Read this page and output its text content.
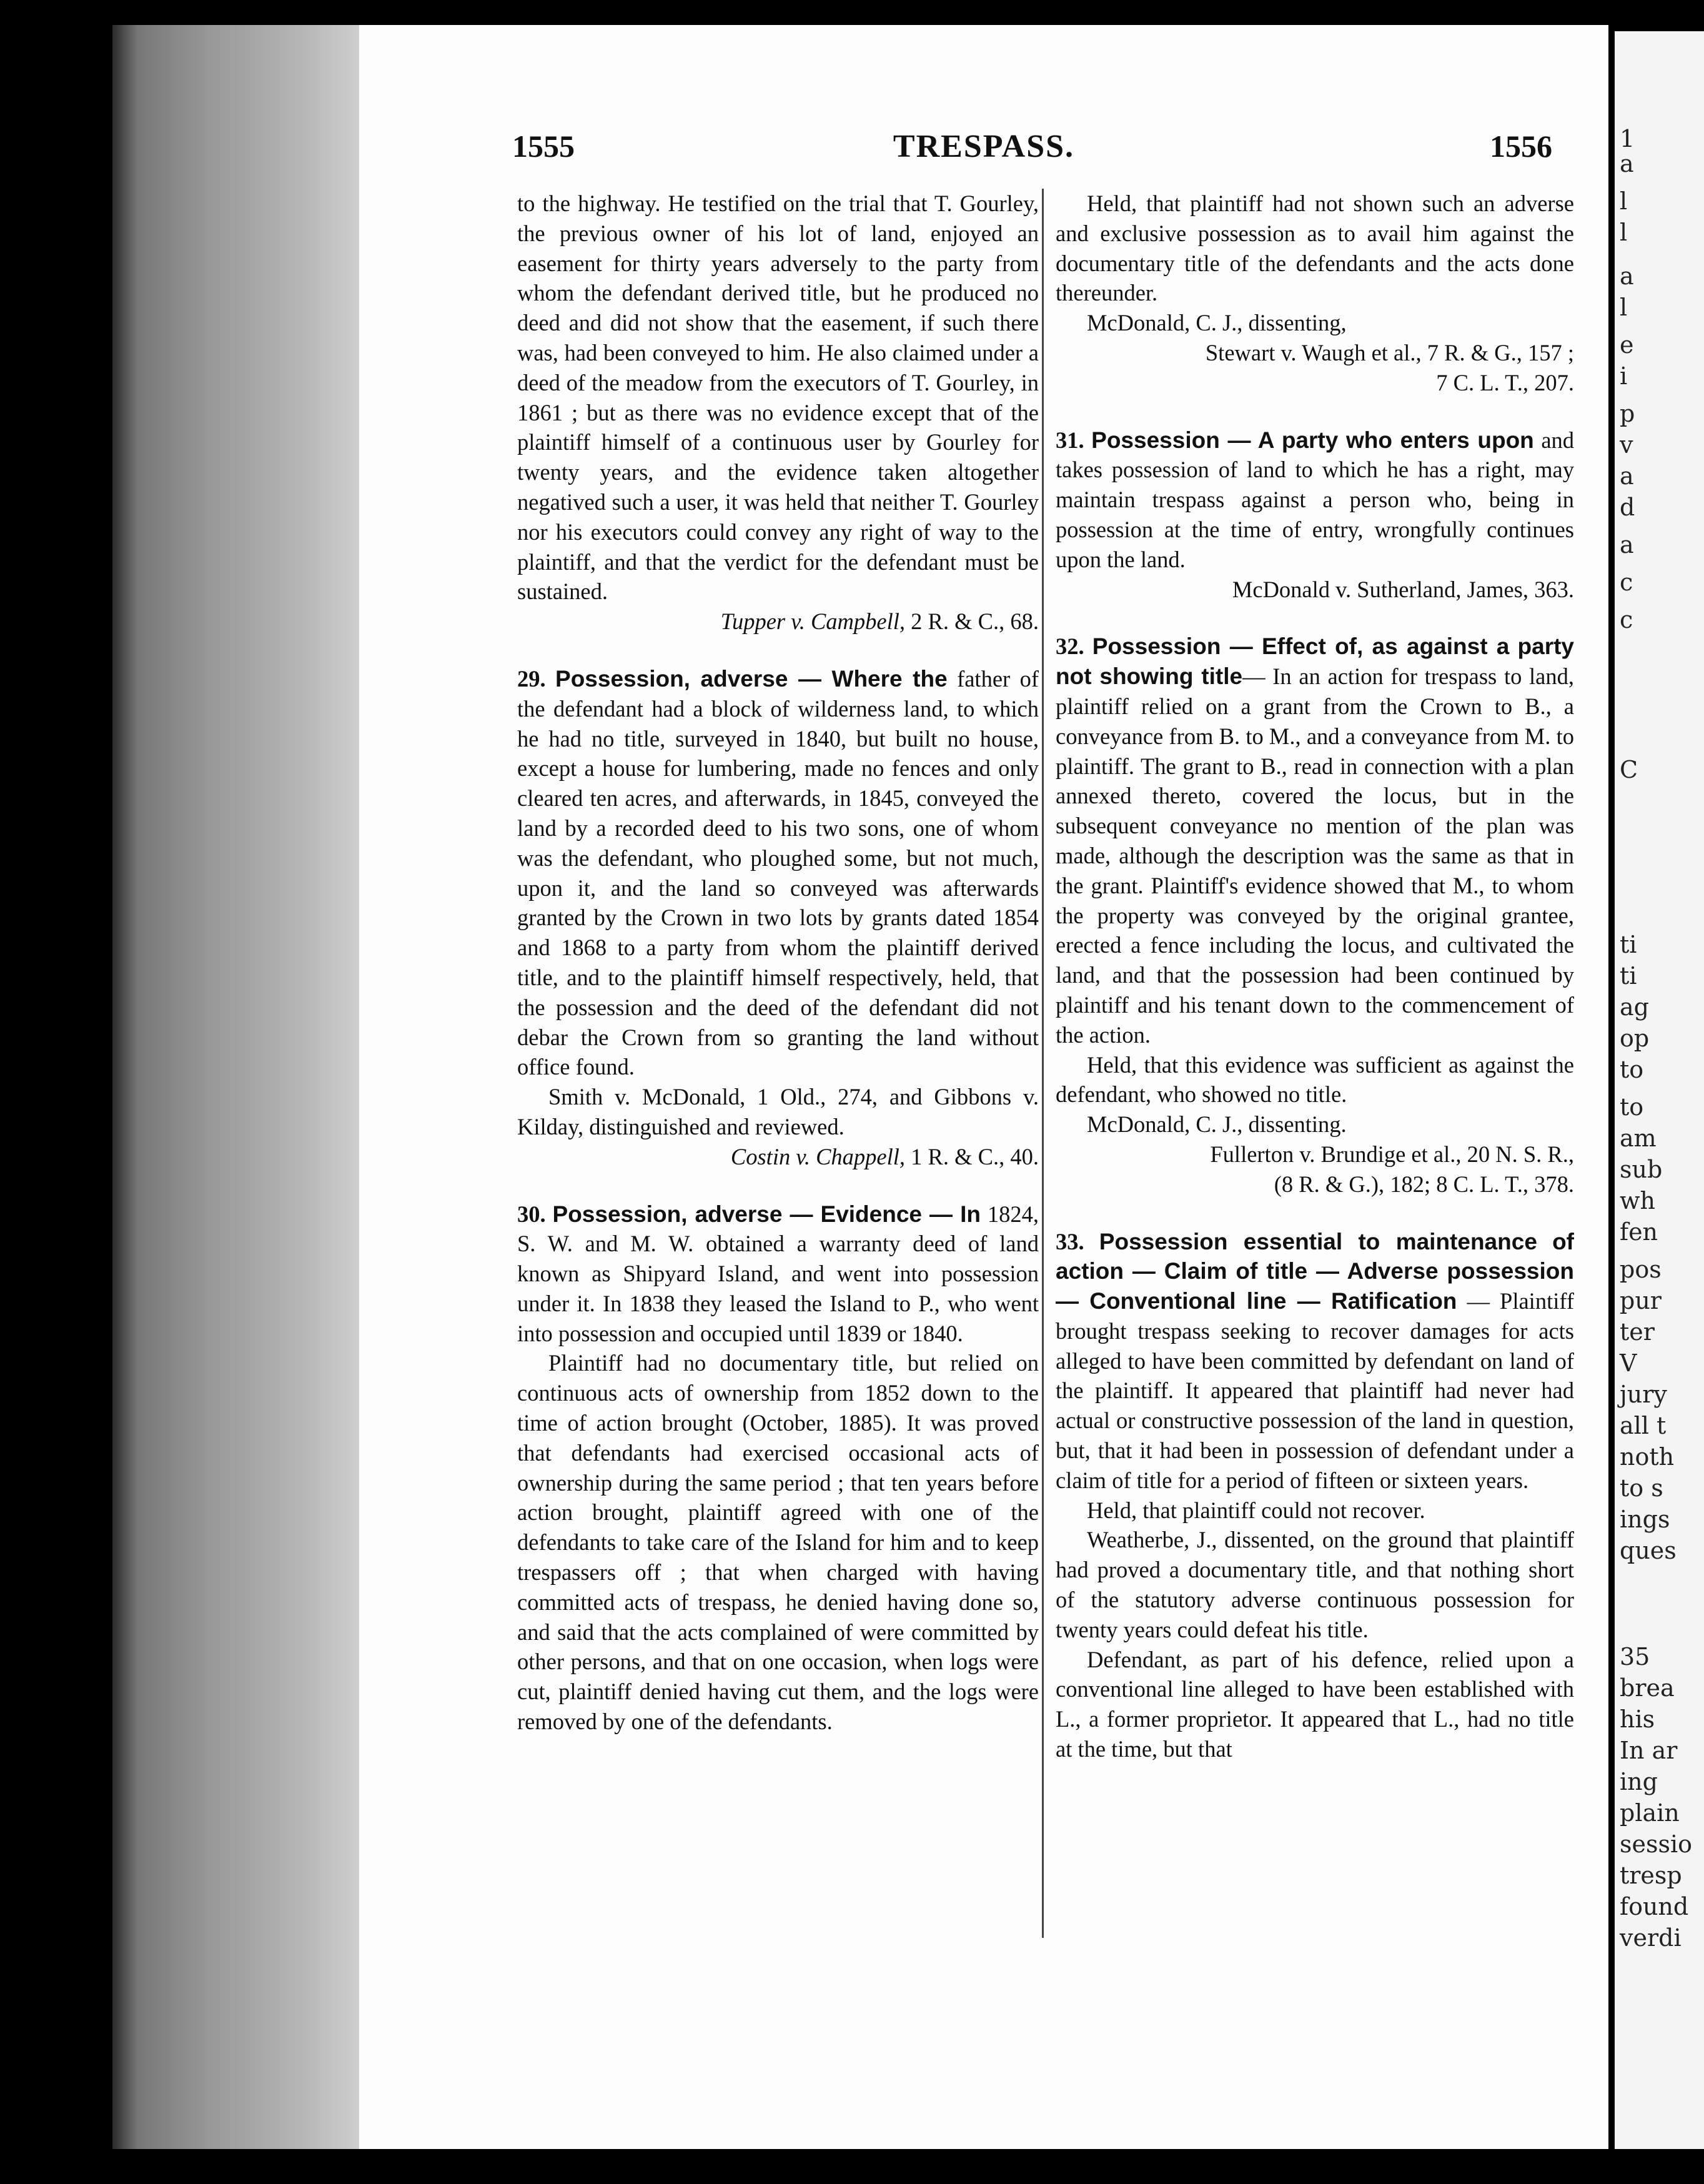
1555	TRESPASS.	1556

to the highway. He testified on the trial that T. Gourley, the previous owner of his lot of land, enjoyed an easement for thirty years adversely to the party from whom the defendant derived title, but he produced no deed and did not show that the easement, if such there was, had been conveyed to him. He also claimed under a deed of the meadow from the executors of T. Gourley, in 1861 ; but as there was no evidence except that of the plaintiff himself of a continuous user by Gourley for twenty years, and the evidence taken altogether negatived such a user, it was held that neither T. Gourley nor his executors could convey any right of way to the plaintiff, and that the verdict for the defendant must be sustained.

Tupper v. Campbell, 2 R. & C., 68.

29. Possession, adverse — Where the father of the defendant had a block of wilderness land, to which he had no title, surveyed in 1840, but built no house, except a house for lumbering, made no fences and only cleared ten acres, and afterwards, in 1845, conveyed the land by a recorded deed to his two sons, one of whom was the defendant, who ploughed some, but not much, upon it, and the land so conveyed was afterwards granted by the Crown in two lots by grants dated 1854 and 1868 to a party from whom the plaintiff derived title, and to the plaintiff himself respectively, held, that the possession and the deed of the defendant did not debar the Crown from so granting the land without office found.

Smith v. McDonald, 1 Old., 274, and Gibbons v. Kilday, distinguished and reviewed.

Costin v. Chappell, 1 R. & C., 40.

30. Possession, adverse — Evidence — In 1824, S. W. and M. W. obtained a warranty deed of land known as Shipyard Island, and went into possession under it. In 1838 they leased the Island to P., who went into possession and occupied until 1839 or 1840.

Plaintiff had no documentary title, but relied on continuous acts of ownership from 1852 down to the time of action brought (October, 1885). It was proved that defendants had exercised occasional acts of ownership during the same period ; that ten years before action brought, plaintiff agreed with one of the defendants to take care of the Island for him and to keep trespassers off ; that when charged with having committed acts of trespass, he denied having done so, and said that the acts complained of were committed by other persons, and that on one occasion, when logs were cut, plaintiff denied having cut them, and the logs were removed by one of the defendants.

Held, that plaintiff had not shown such an adverse and exclusive possession as to avail him against the documentary title of the defendants and the acts done thereunder.

McDonald, C. J., dissenting,

Stewart v. Waugh et al., 7 R. & G., 157 ;

7 C. L. T., 207.

31. Possession — A party who enters upon and takes possession of land to which he has a right, may maintain trespass against a person who, being in possession at the time of entry, wrongfully continues upon the land.

McDonald v. Sutherland, James, 363.

32. Possession — Effect of, as against a party not showing title— In an action for trespass to land, plaintiff relied on a grant from the Crown to B., a conveyance from B. to M., and a conveyance from M. to plaintiff. The grant to B., read in connection with a plan annexed thereto, covered the locus, but in the subsequent conveyance no mention of the plan was made, although the description was the same as that in the grant. Plaintiff's evidence showed that M., to whom the property was conveyed by the original grantee, erected a fence including the locus, and cultivated the land, and that the possession had been continued by plaintiff and his tenant down to the commencement of the action.

Held, that this evidence was sufficient as against the defendant, who showed no title.

McDonald, C. J., dissenting.

Fullerton v. Brundige et al., 20 N. S. R.,

(8 R. & G.), 182; 8 C. L. T., 378.

33. Possession essential to maintenance of action — Claim of title — Adverse possession — Conventional line — Ratification — Plaintiff brought trespass seeking to recover damages for acts alleged to have been committed by defendant on land of the plaintiff. It appeared that plaintiff had never had actual or constructive possession of the land in question, but, that it had been in possession of defendant under a claim of title for a period of fifteen or sixteen years.

Held, that plaintiff could not recover.

Weatherbe, J., dissented, on the ground that plaintiff had proved a documentary title, and that nothing short of the statutory adverse continuous possession for twenty years could defeat his title.

Defendant, as part of his defence, relied upon a conventional line alleged to have been established with L., a former proprietor. It appeared that L., had no title at the time, but that

1
a
l
l
a
l
e
i
p
v
a
d
a
c
c
C
ti
ti
ag
op
to
to
am
sub
wh
fen
pos
pur
ter
V
jury
all t
noth
to s
ings
ques
35
brea
his
In ar
ing
plain
sessio
tresp
found
verdi
